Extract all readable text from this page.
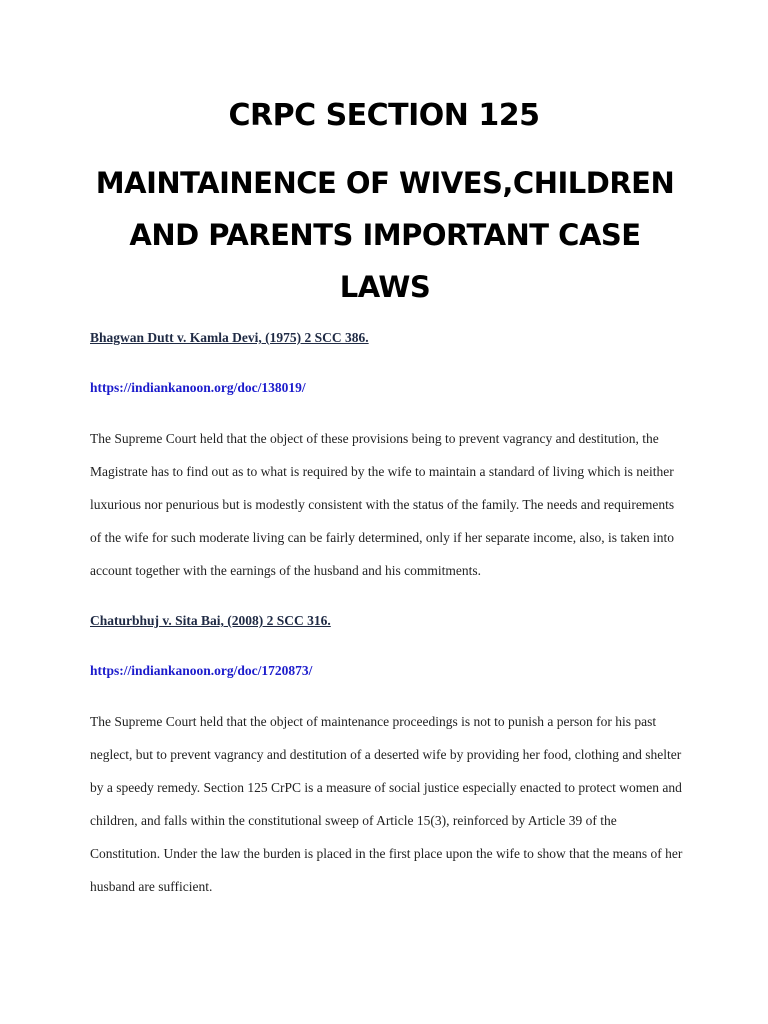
CRPC SECTION 125
MAINTAINENCE OF WIVES,CHILDREN AND PARENTS IMPORTANT CASE LAWS

Bhagwan Dutt v. Kamla Devi, (1975) 2 SCC 386.

https://indiankanoon.org/doc/138019/

The Supreme Court held that the object of these provisions being to prevent vagrancy and destitution, the Magistrate has to find out as to what is required by the wife to maintain a standard of living which is neither luxurious nor penurious but is modestly consistent with the status of the family. The needs and requirements of the wife for such moderate living can be fairly determined, only if her separate income, also, is taken into account together with the earnings of the husband and his commitments.

Chaturbhuj v. Sita Bai, (2008) 2 SCC 316.

https://indiankanoon.org/doc/1720873/

The Supreme Court held that the object of maintenance proceedings is not to punish a person for his past neglect, but to prevent vagrancy and destitution of a deserted wife by providing her food, clothing and shelter by a speedy remedy. Section 125 CrPC is a measure of social justice especially enacted to protect women and children, and falls within the constitutional sweep of Article 15(3), reinforced by Article 39 of the Constitution. Under the law the burden is placed in the first place upon the wife to show that the means of her husband are sufficient.
